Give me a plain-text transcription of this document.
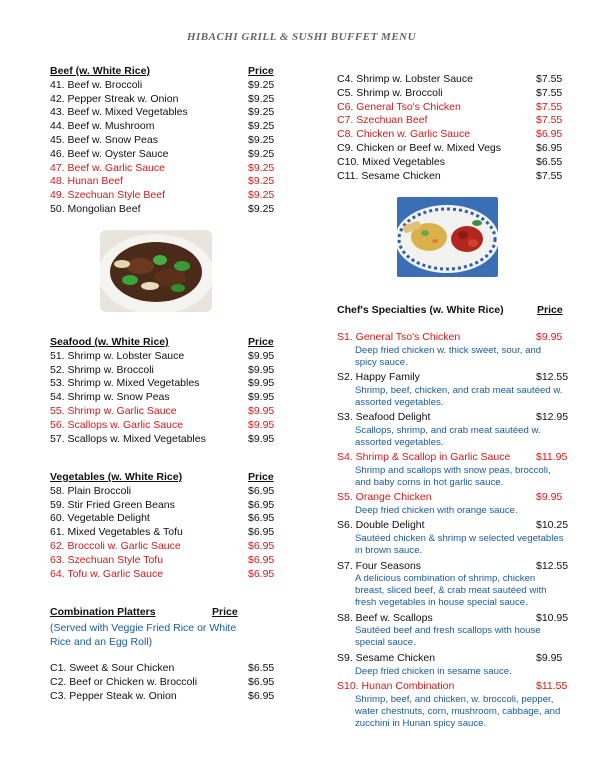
HIBACHI GRILL & SUSHI BUFFET MENU
Beef (w. White Rice)	Price
41. Beef w. Broccoli	$9.25
42. Pepper Streak w. Onion	$9.25
43. Beef w. Mixed Vegetables	$9.25
44. Beef w. Mushroom	$9.25
45. Beef w. Snow Peas	$9.25
46. Beef w. Oyster Sauce	$9.25
47. Beef w. Garlic Sauce	$9.25
48. Hunan Beef	$9.25
49. Szechuan Style Beef	$9.25
50. Mongolian Beef	$9.25
Seafood (w. White Rice)	Price
51. Shrimp w. Lobster Sauce	$9.95
52. Shrimp w. Broccoli	$9.95
53. Shrimp w. Mixed Vegetables	$9.95
54. Shrimp w. Snow Peas	$9.95
55. Shrimp w. Garlic Sauce	$9.95
56. Scallops w. Garlic Sauce	$9.95
57. Scallops w. Mixed Vegetables	$9.95
Vegetables (w. White Rice)	Price
58. Plain Broccoli	$6.95
59. Stir Fried Green Beans	$6.95
60. Vegetable Delight	$6.95
61. Mixed Vegetables & Tofu	$6.95
62. Broccoli w. Garlic Sauce	$6.95
63. Szechuan Style Tofu	$6.95
64. Tofu w. Garlic Sauce	$6.95
Combination Platters	Price
(Served with Veggie Fried Rice or White Rice and an Egg Roll)
C1. Sweet & Sour Chicken	$6.55
C2. Beef or Chicken w. Broccoli	$6.95
C3. Pepper Steak w. Onion	$6.95
C4. Shrimp w. Lobster Sauce	$7.55
C5. Shrimp w. Broccoli	$7.55
C6. General Tso's Chicken	$7.55
C7. Szechuan Beef	$7.55
C8. Chicken w. Garlic Sauce	$6.95
C9. Chicken or Beef w. Mixed Vegs	$6.95
C10. Mixed Vegetables	$6.55
C11. Sesame Chicken	$7.55
Chef's Specialties (w. White Rice)	Price
S1. General Tso's Chicken	$9.95
Deep fried chicken w. thick sweet, sour, and
spicy sauce.
S2. Happy Family	$12.55
Shrimp, beef, chicken, and crab meat sautéed w.
assorted vegetables.
S3. Seafood Delight	$12.95
Scallops, shrimp, and crab meat sautéed w.
assorted vegetables.
S4. Shrimp & Scallop in Garlic Sauce $11.95
Shrimp and scallops with snow peas, broccoli,
and baby corns in hot garlic sauce.
S5. Orange Chicken	$9.95
Deep fried chicken with orange sauce.
S6. Double Delight	$10.25
Sautéed chicken & shrimp w selected vegetables
in brown sauce.
S7. Four Seasons	$12.55
A delicious combination of shrimp, chicken
breast, sliced beef, & crab meat sautéed with
fresh vegetables in house special sauce.
S8. Beef w. Scallops	$10.95
Sautéed beef and fresh scallops with house
special sauce.
S9. Sesame Chicken	$9.95
Deep fried chicken in sesame sauce.
S10. Hunan Combination	$11.55
Shrimp, beef, and chicken, w. broccoli, pepper,
water chestnuts, corn, mushroom, cabbage, and
zucchini in Hunan spicy sauce.
